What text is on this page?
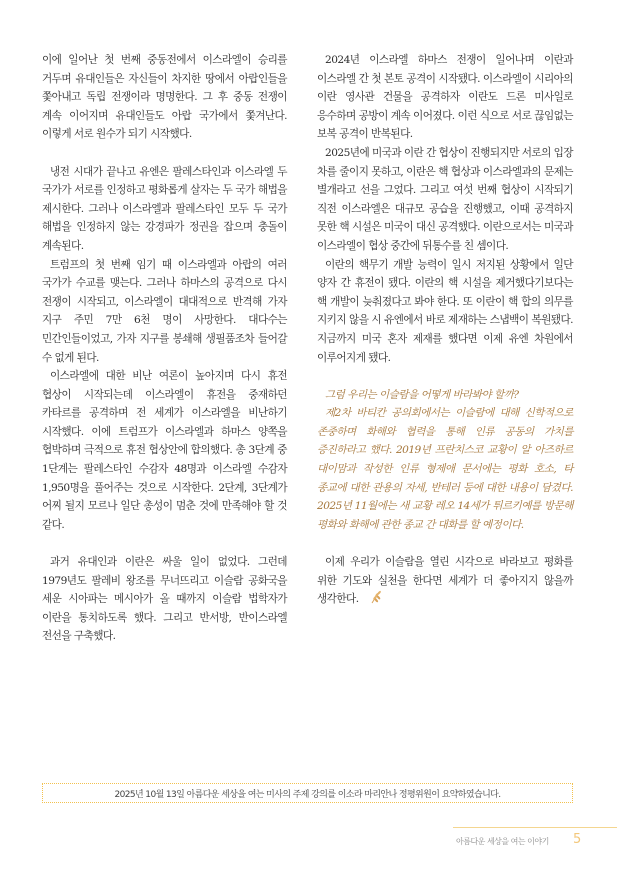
이에 일어난 첫 번째 중동전에서 이스라엘이 승리를 거두며 유대인들은 자신들이 차지한 땅에서 아랍인들을 쫓아내고 독립 전쟁이라 명명한다. 그 후 중동 전쟁이 계속 이어지며 유대인들도 아랍 국가에서 쫓겨난다. 이렇게 서로 원수가 되기 시작했다.

냉전 시대가 끝나고 유엔은 팔레스타인과 이스라엘 두 국가가 서로를 인정하고 평화롭게 살자는 두 국가 해법을 제시한다. 그러나 이스라엘과 팔레스타인 모두 두 국가 해법을 인정하지 않는 강경파가 정권을 잡으며 충돌이 계속된다.

트럼프의 첫 번째 임기 때 이스라엘과 아랍의 여러 국가가 수교를 맺는다. 그러나 하마스의 공격으로 다시 전쟁이 시작되고, 이스라엘이 대대적으로 반격해 가자 지구 주민 7만 6천 명이 사망한다. 대다수는 민간인들이었고, 가자 지구를 봉쇄해 생필품조차 들어갈 수 없게 된다.

이스라엘에 대한 비난 여론이 높아지며 다시 휴전 협상이 시작되는데 이스라엘이 휴전을 중재하던 카타르를 공격하며 전 세계가 이스라엘을 비난하기 시작했다. 이에 트럼프가 이스라엘과 하마스 양쪽을 협박하며 극적으로 휴전 협상안에 합의했다. 총 3단계 중 1단계는 팔레스타인 수감자 48명과 이스라엘 수감자 1,950명을 풀어주는 것으로 시작한다. 2단계, 3단계가 어찌 될지 모르나 일단 총성이 멈춘 것에 만족해야 할 것 같다.

과거 유대인과 이란은 싸울 일이 없었다. 그런데 1979년도 팔레비 왕조를 무너뜨리고 이슬람 공화국을 세운 시아파는 메시아가 올 때까지 이슬람 법학자가 이란을 통치하도록 했다. 그리고 반서방, 반이스라엘 전선을 구축했다.

2024년 이스라엘 하마스 전쟁이 일어나며 이란과 이스라엘 간 첫 본토 공격이 시작됐다. 이스라엘이 시리아의 이란 영사관 건물을 공격하자 이란도 드론 미사일로 응수하며 공방이 계속 이어졌다. 이런 식으로 서로 끊임없는 보복 공격이 반복된다.

2025년에 미국과 이란 간 협상이 진행되지만 서로의 입장 차를 줄이지 못하고, 이란은 핵 협상과 이스라엘과의 문제는 별개라고 선을 그었다. 그리고 여섯 번째 협상이 시작되기 직전 이스라엘은 대규모 공습을 진행했고, 이때 공격하지 못한 핵 시설은 미국이 대신 공격했다. 이란으로서는 미국과 이스라엘이 협상 중간에 뒤통수를 친 셈이다.

이란의 핵무기 개발 능력이 일시 저지된 상황에서 일단 양자 간 휴전이 됐다. 이란의 핵 시설을 제거했다기보다는 핵 개발이 늦춰졌다고 봐야 한다. 또 이란이 핵 합의 의무를 지키지 않을 시 유엔에서 바로 제재하는 스냅백이 복원됐다. 지금까지 미국 혼자 제재를 했다면 이제 유엔 차원에서 이루어지게 됐다.

그럼 우리는 이슬람을 어떻게 바라봐야 할까?

제2차 바티칸 공의회에서는 이슬람에 대해 신학적으로 존중하며 화해와 협력을 통해 인류 공동의 가치를 증진하라고 했다. 2019년 프란치스코 교황이 알 아즈하르 대이맘과 작성한 인류 형제애 문서에는 평화 호소, 타 종교에 대한 관용의 자세, 반테러 등에 대한 내용이 담겼다. 2025년 11월에는 새 교황 레오 14세가 튀르키예를 방문해 평화와 화해에 관한 종교 간 대화를 할 예정이다.

이제 우리가 이슬람을 열린 시각으로 바라보고 평화를 위한 기도와 실천을 한다면 세계가 더 좋아지지 않을까 생각한다.

2025년 10월 13일 아름다운 세상을 여는 미사의 주제 강의를 이소라 마리안나 정평위원이 요약하였습니다.
아름다운 세상을 여는 이야기 5
